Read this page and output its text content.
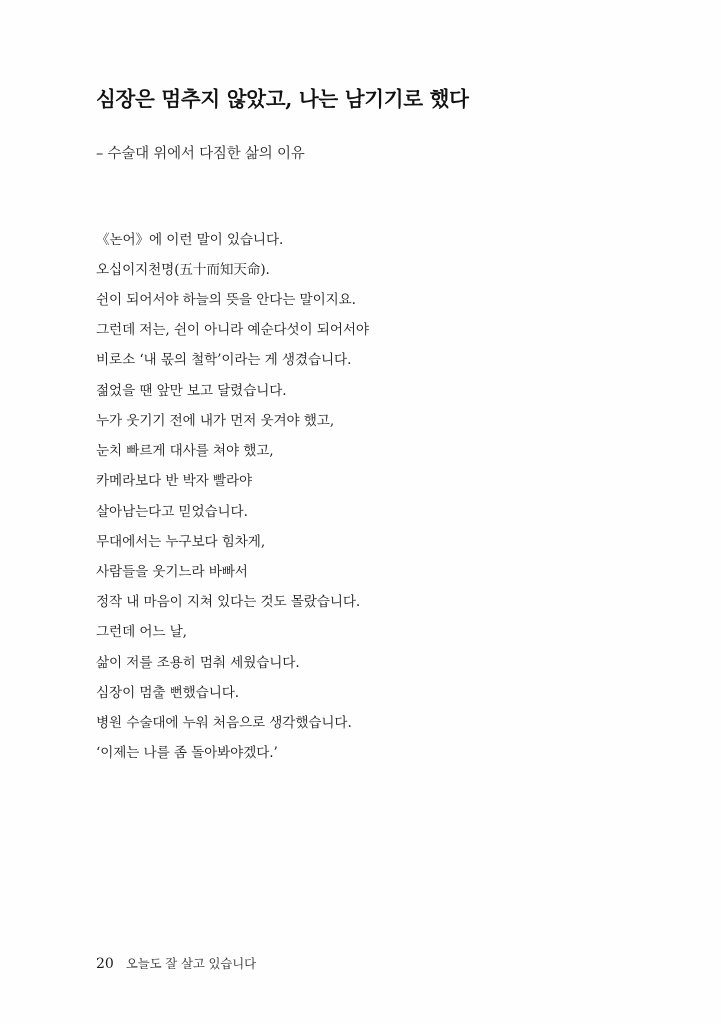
심장은 멈추지 않았고, 나는 남기기로 했다

– 수술대 위에서 다짐한 삶의 이유

《논어》에 이런 말이 있습니다.
오십이지천명(五十而知天命).
쉰이 되어서야 하늘의 뜻을 안다는 말이지요.
그런데 저는, 쉰이 아니라 예순다섯이 되어서야
비로소 ‘내 몫의 철학’이라는 게 생겼습니다.
젊었을 땐 앞만 보고 달렸습니다.
누가 웃기기 전에 내가 먼저 웃겨야 했고,
눈치 빠르게 대사를 쳐야 했고,
카메라보다 반 박자 빨라야
살아남는다고 믿었습니다.
무대에서는 누구보다 힘차게,
사람들을 웃기느라 바빠서
정작 내 마음이 지쳐 있다는 것도 몰랐습니다.
그런데 어느 날,
삶이 저를 조용히 멈춰 세웠습니다.
심장이 멈출 뻔했습니다.
병원 수술대에 누워 처음으로 생각했습니다.
‘이제는 나를 좀 돌아봐야겠다.’
20 오늘도 잘 살고 있습니다
